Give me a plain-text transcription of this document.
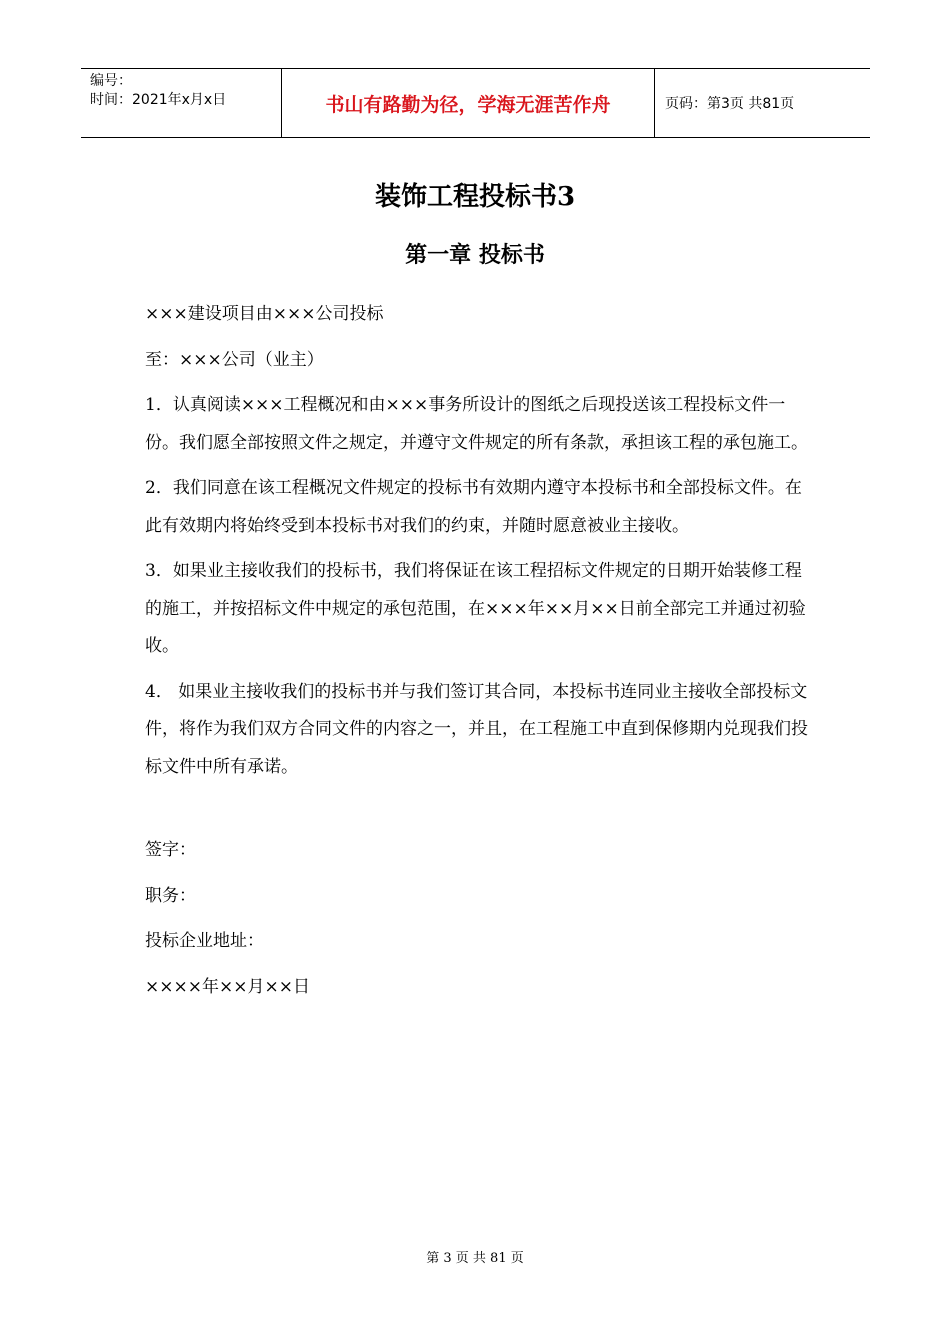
编号：
时间：2021年x月x日	书山有路勤为径，学海无涯苦作舟	页码：第3页 共81页
装饰工程投标书3
第一章 投标书

×××建设项目由×××公司投标

至：×××公司（业主）

1．认真阅读×××工程概况和由×××事务所设计的图纸之后现投送该工程投标文件一份。我们愿全部按照文件之规定，并遵守文件规定的所有条款，承担该工程的承包施工。

2．我们同意在该工程概况文件规定的投标书有效期内遵守本投标书和全部投标文件。在此有效期内将始终受到本投标书对我们的约束，并随时愿意被业主接收。

3．如果业主接收我们的投标书，我们将保证在该工程招标文件规定的日期开始装修工程的施工，并按招标文件中规定的承包范围，在×××年××月××日前全部完工并通过初验收。

4． 如果业主接收我们的投标书并与我们签订其合同，本投标书连同业主接收全部投标文件，将作为我们双方合同文件的内容之一，并且，在工程施工中直到保修期内兑现我们投标文件中所有承诺。

签字：

职务：

投标企业地址：

××××年××月××日

第 3 页 共 81 页
